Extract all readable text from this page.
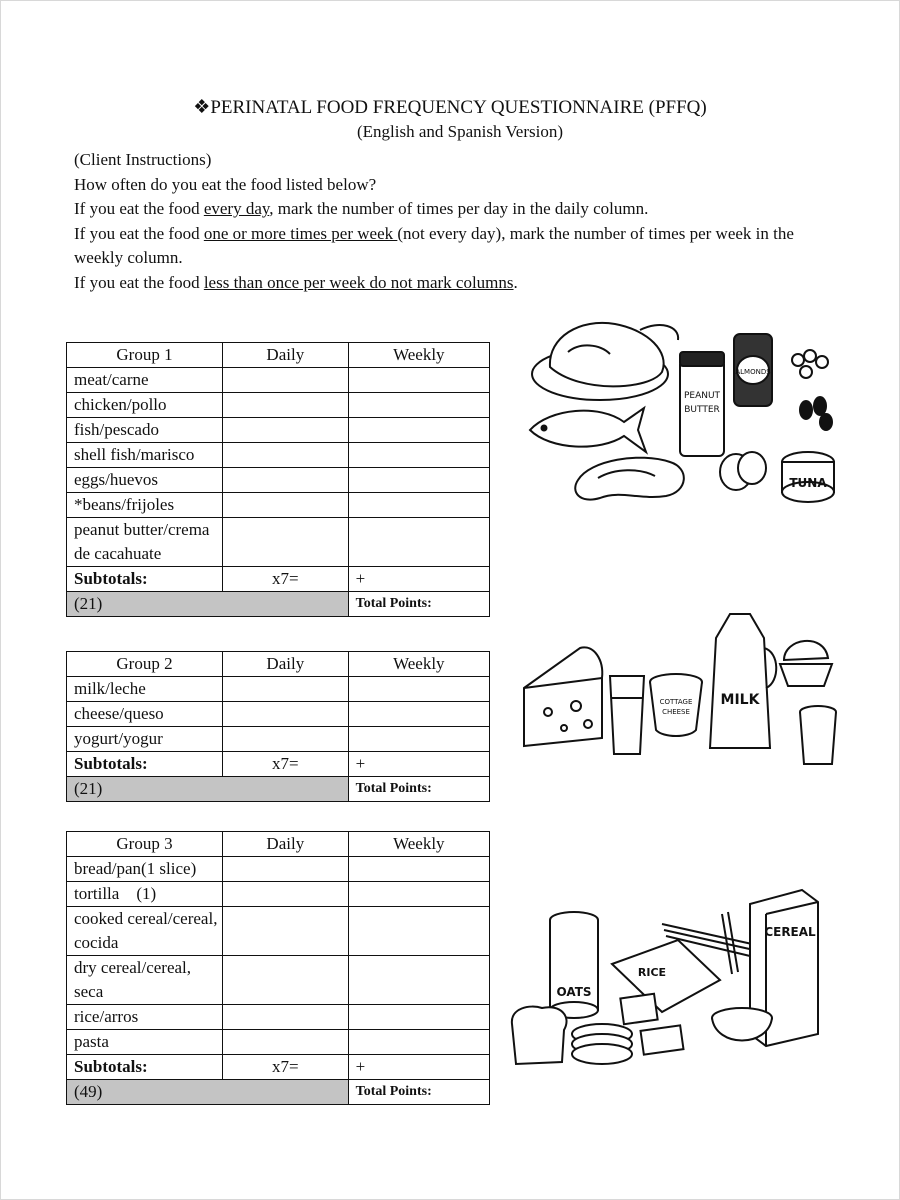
❖PERINATAL FOOD FREQUENCY QUESTIONNAIRE (PFFQ)
(English and Spanish Version)
(Client Instructions)
How often do you eat the food listed below?
If you eat the food every day, mark the number of times per day in the daily column.
If you eat the food one or more times per week (not every day), mark the number of times per week in the
weekly column.
If you eat the food less than once per week do not mark columns.
Group 1	Daily	Weekly
meat/carne		
chicken/pollo		
fish/pescado		
shell fish/marisco		
eggs/huevos		
*beans/frijoles		
peanut butter/crema de cacahuate		
Subtotals:	x7=	+
(21)		Total Points:
Group 2	Daily	Weekly
milk/leche		
cheese/queso		
yogurt/yogur		
Subtotals:	x7=	+
(21)		Total Points:
Group 3	Daily	Weekly
bread/pan(1 slice)		
tortilla    (1)		
cooked cereal/cereal, cocida		
dry cereal/cereal, seca		
rice/arros		
pasta		
Subtotals:	x7=	+
(49)		Total Points:
PEANUT
BUTTER
ALMONDS
TUNA
COTTAGE
CHEESE
MILK
OATS
RICE
CEREAL
